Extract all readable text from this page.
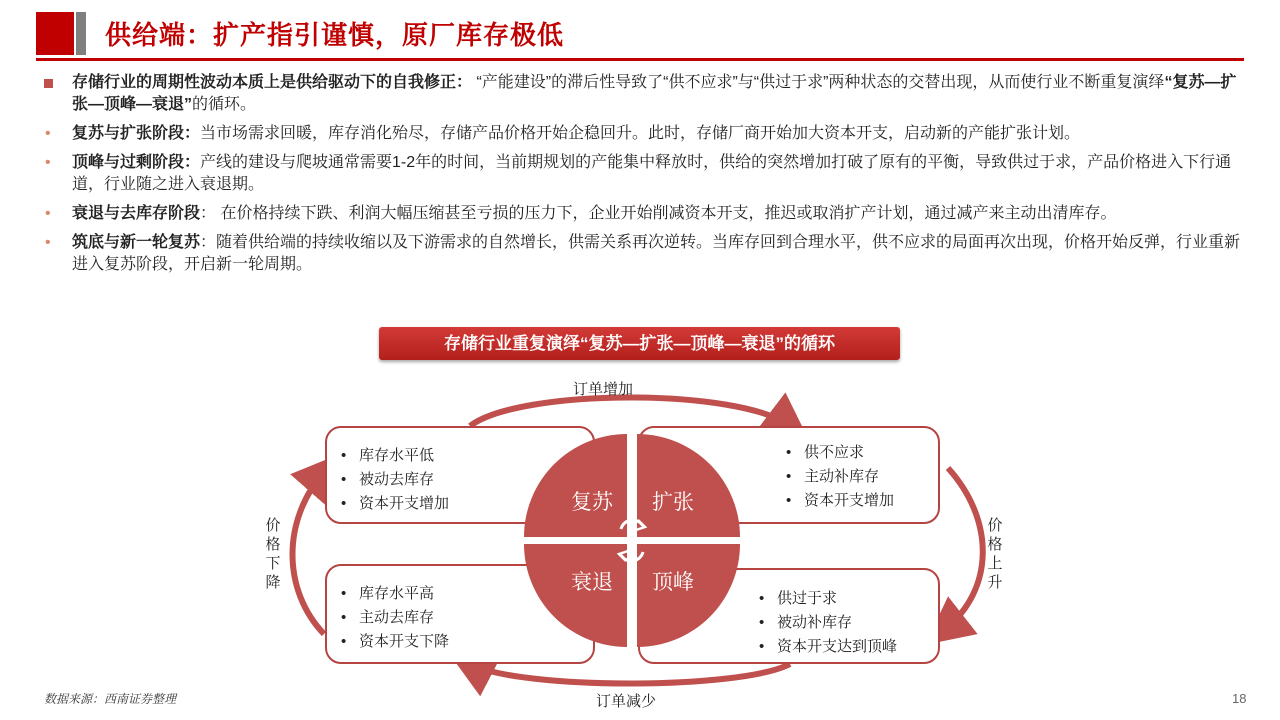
供给端：扩产指引谨慎，原厂库存极低
存储行业的周期性波动本质上是供给驱动下的自我修正： “产能建设”的滞后性导致了“供不应求”与“供过于求”两种状态的交替出现，从而使行业不断重复演绎“复苏—扩张—顶峰—衰退”的循环。
• 复苏与扩张阶段：当市场需求回暖，库存消化殆尽，存储产品价格开始企稳回升。此时，存储厂商开始加大资本开支，启动新的产能扩张计划。
• 顶峰与过剩阶段：产线的建设与爬坡通常需要1-2年的时间，当前期规划的产能集中释放时，供给的突然增加打破了原有的平衡，导致供过于求，产品价格进入下行通道，行业随之进入衰退期。
• 衰退与去库存阶段： 在价格持续下跌、利润大幅压缩甚至亏损的压力下，企业开始削减资本开支，推迟或取消扩产计划，通过减产来主动出清库存。
• 筑底与新一轮复苏：随着供给端的持续收缩以及下游需求的自然增长，供需关系再次逆转。当库存回到合理水平，供不应求的局面再次出现，价格开始反弹，行业重新进入复苏阶段，开启新一轮周期。
存储行业重复演绎“复苏—扩张—顶峰—衰退”的循环
• 库存水平低
• 被动去库存
• 资本开支增加
• 供不应求
• 主动补库存
• 资本开支增加
• 库存水平高
• 主动去库存
• 资本开支下降
• 供过于求
• 被动补库存
• 资本开支达到顶峰
复苏 扩张
衰退 顶峰
订单增加
订单减少
价格下降
价格上升
数据来源：西南证券整理	18
